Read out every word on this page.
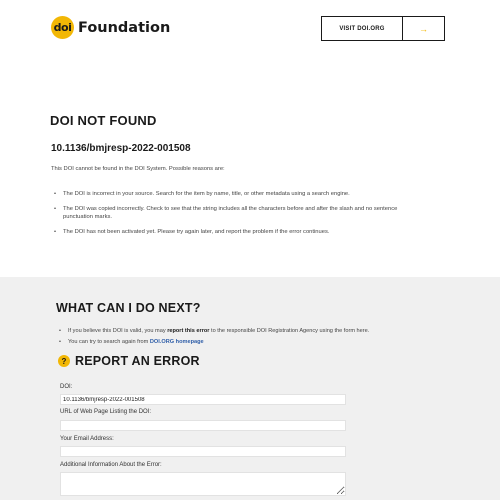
doi Foundation	VISIT DOI.ORG	→
DOI NOT FOUND
10.1136/bmjresp-2022-001508

This DOI cannot be found in the DOI System. Possible reasons are:

• The DOI is incorrect in your source. Search for the item by name, title, or other metadata using a search engine.
• The DOI was copied incorrectly. Check to see that the string includes all the characters before and after the slash and no sentence punctuation marks.
• The DOI has not been activated yet. Please try again later, and report the problem if the error continues.
WHAT CAN I DO NEXT?
• If you believe this DOI is valid, you may report this error to the responsible DOI Registration Agency using the form here.
• You can try to search again from DOI.ORG homepage
? REPORT AN ERROR
DOI:
10.1136/bmjresp-2022-001508
URL of Web Page Listing the DOI:
Your Email Address:
Additional Information About the Error:
